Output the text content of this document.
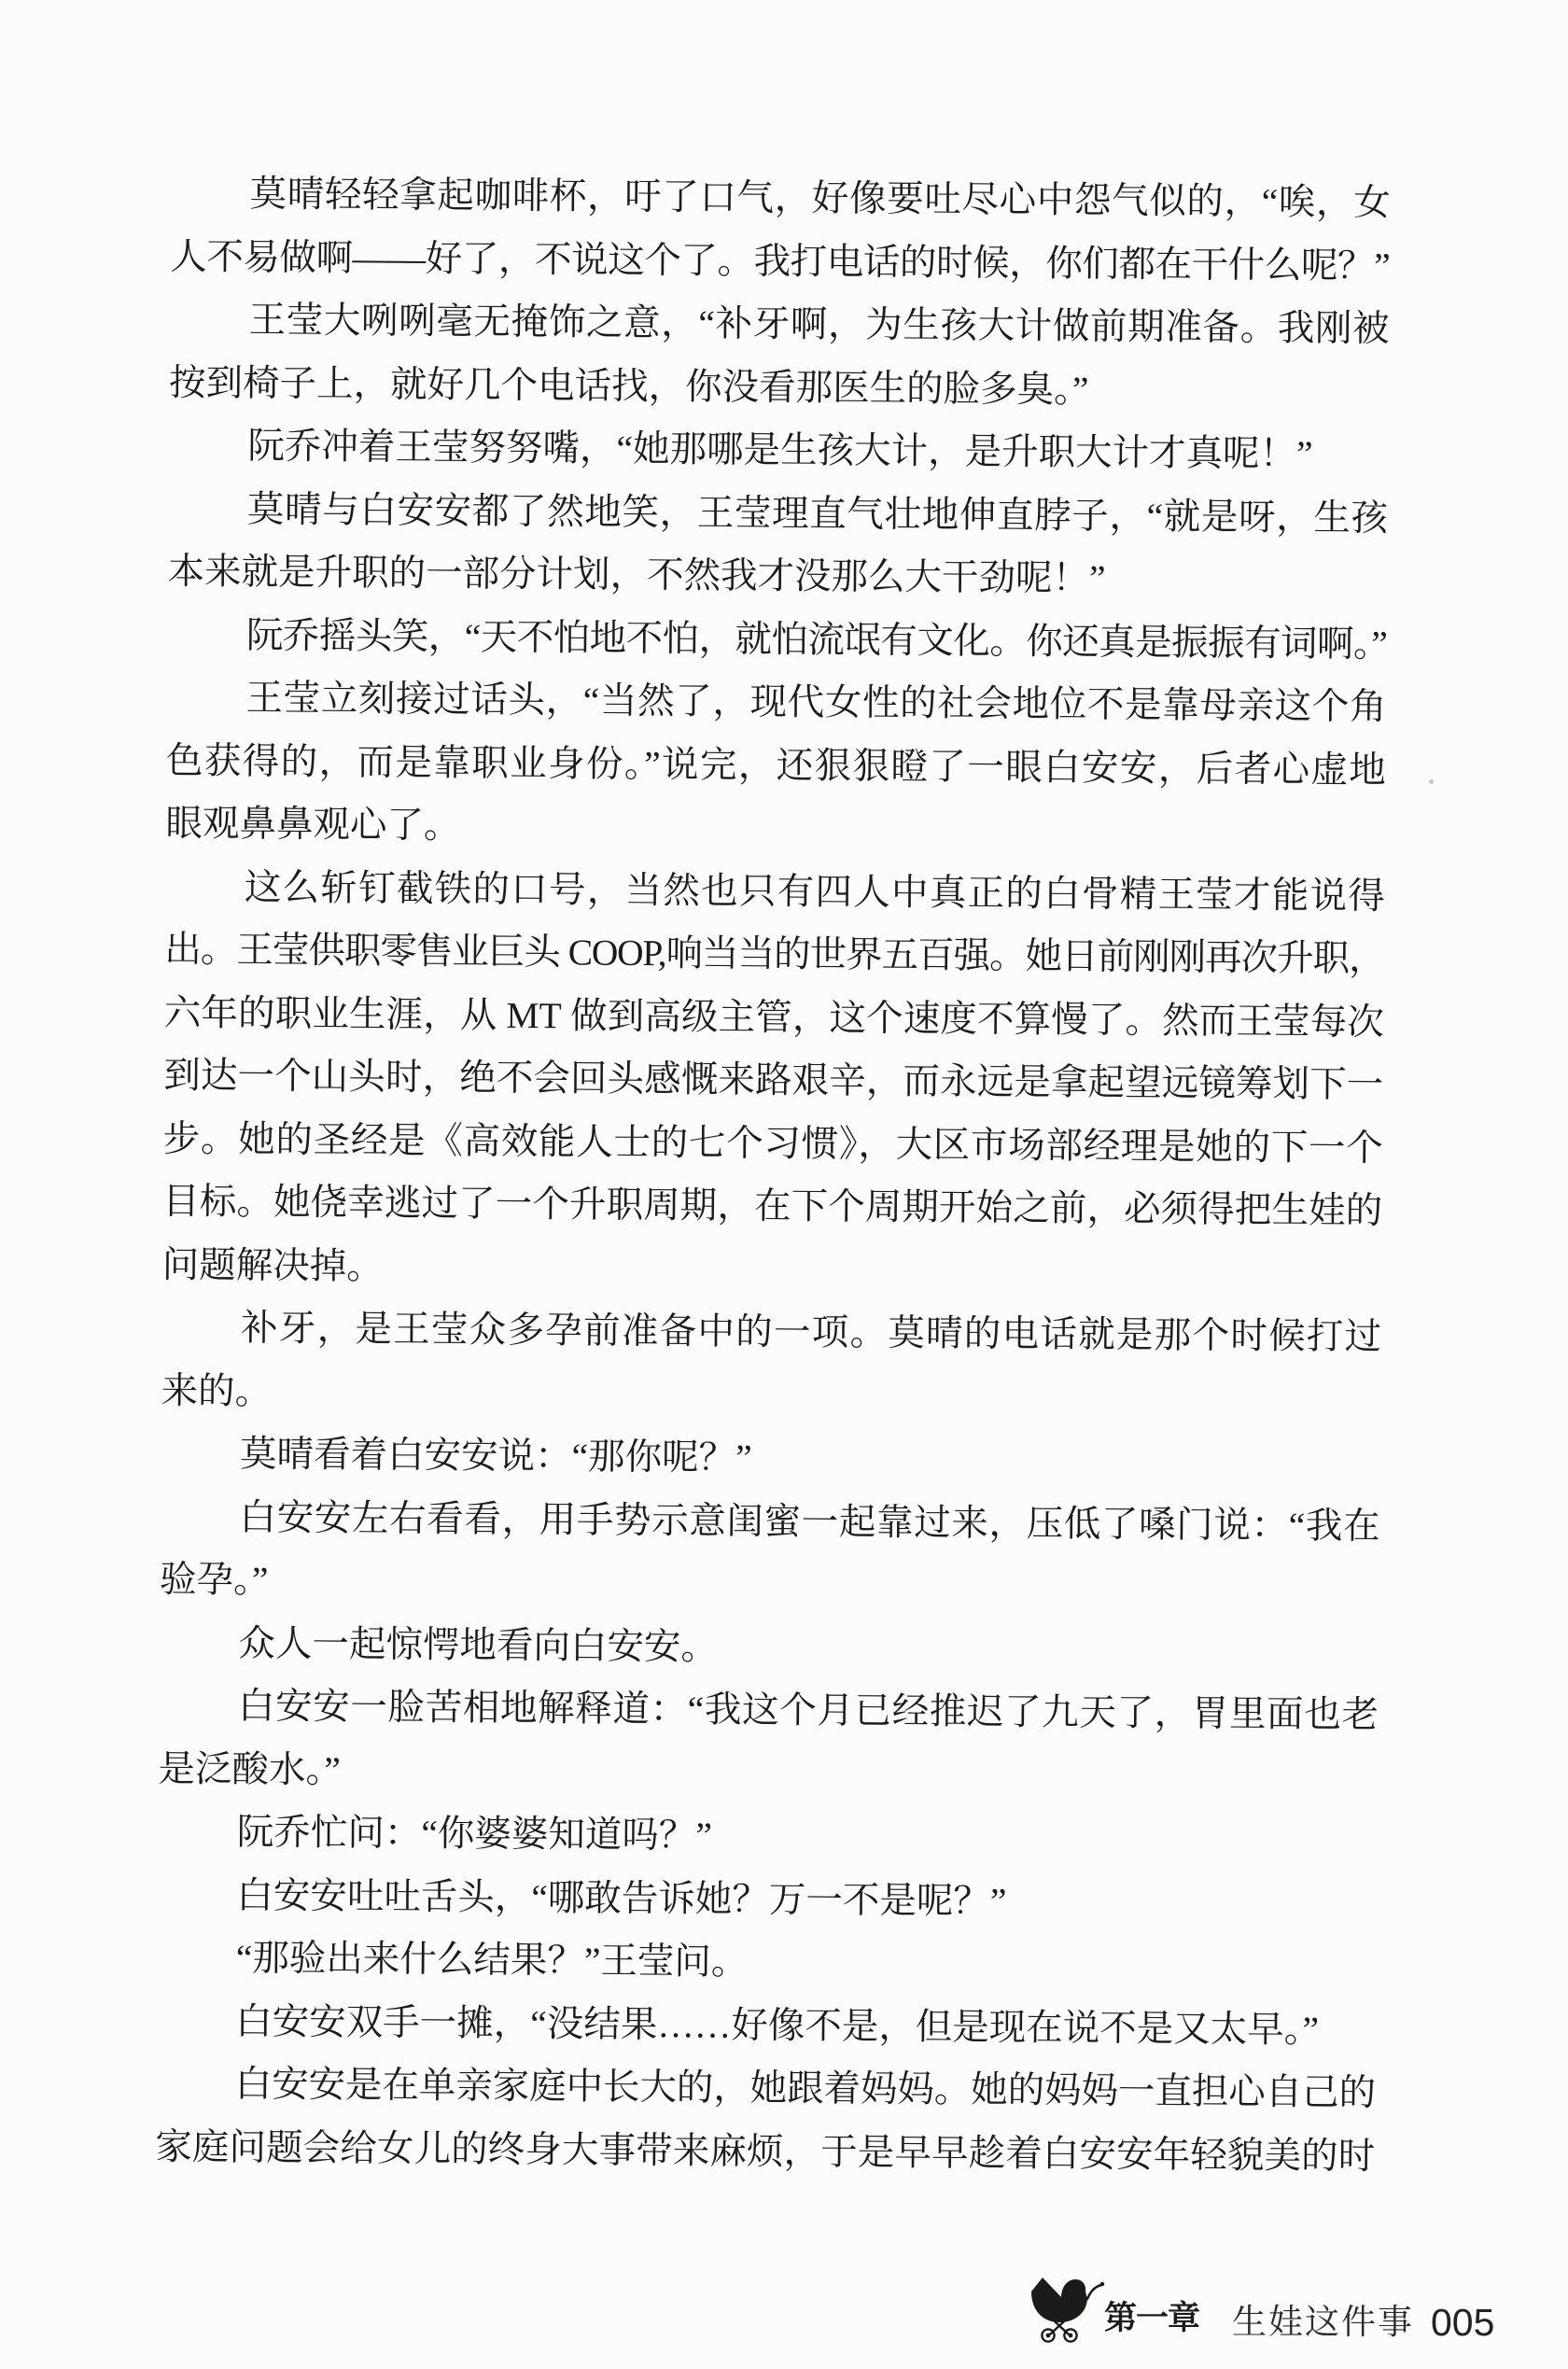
莫晴轻轻拿起咖啡杯，吁了口气，好像要吐尽心中怨气似的，“唉，女
人不易做啊——好了，不说这个了。我打电话的时候，你们都在干什么呢？”
王莹大咧咧毫无掩饰之意，“补牙啊，为生孩大计做前期准备。我刚被
按到椅子上，就好几个电话找，你没看那医生的脸多臭。”
阮乔冲着王莹努努嘴，“她那哪是生孩大计，是升职大计才真呢！”
莫晴与白安安都了然地笑，王莹理直气壮地伸直脖子，“就是呀，生孩
本来就是升职的一部分计划，不然我才没那么大干劲呢！”
阮乔摇头笑，“天不怕地不怕，就怕流氓有文化。你还真是振振有词啊。”
王莹立刻接过话头，“当然了，现代女性的社会地位不是靠母亲这个角
色获得的，而是靠职业身份。”说完，还狠狠瞪了一眼白安安，后者心虚地
眼观鼻鼻观心了。
这么斩钉截铁的口号，当然也只有四人中真正的白骨精王莹才能说得
出。王莹供职零售业巨头 COOP,响当当的世界五百强。她日前刚刚再次升职，
六年的职业生涯，从 MT 做到高级主管，这个速度不算慢了。然而王莹每次
到达一个山头时，绝不会回头感慨来路艰辛，而永远是拿起望远镜筹划下一
步。她的圣经是《高效能人士的七个习惯》，大区市场部经理是她的下一个
目标。她侥幸逃过了一个升职周期，在下个周期开始之前，必须得把生娃的
问题解决掉。
补牙，是王莹众多孕前准备中的一项。莫晴的电话就是那个时候打过
来的。
莫晴看着白安安说：“那你呢？”
白安安左右看看，用手势示意闺蜜一起靠过来，压低了嗓门说：“我在
验孕。”
众人一起惊愕地看向白安安。
白安安一脸苦相地解释道：“我这个月已经推迟了九天了，胃里面也老
是泛酸水。”
阮乔忙问：“你婆婆知道吗？”
白安安吐吐舌头，“哪敢告诉她？万一不是呢？”
“那验出来什么结果？”王莹问。
白安安双手一摊，“没结果……好像不是，但是现在说不是又太早。”
白安安是在单亲家庭中长大的，她跟着妈妈。她的妈妈一直担心自己的
家庭问题会给女儿的终身大事带来麻烦，于是早早趁着白安安年轻貌美的时
第一章 生娃这件事 005
